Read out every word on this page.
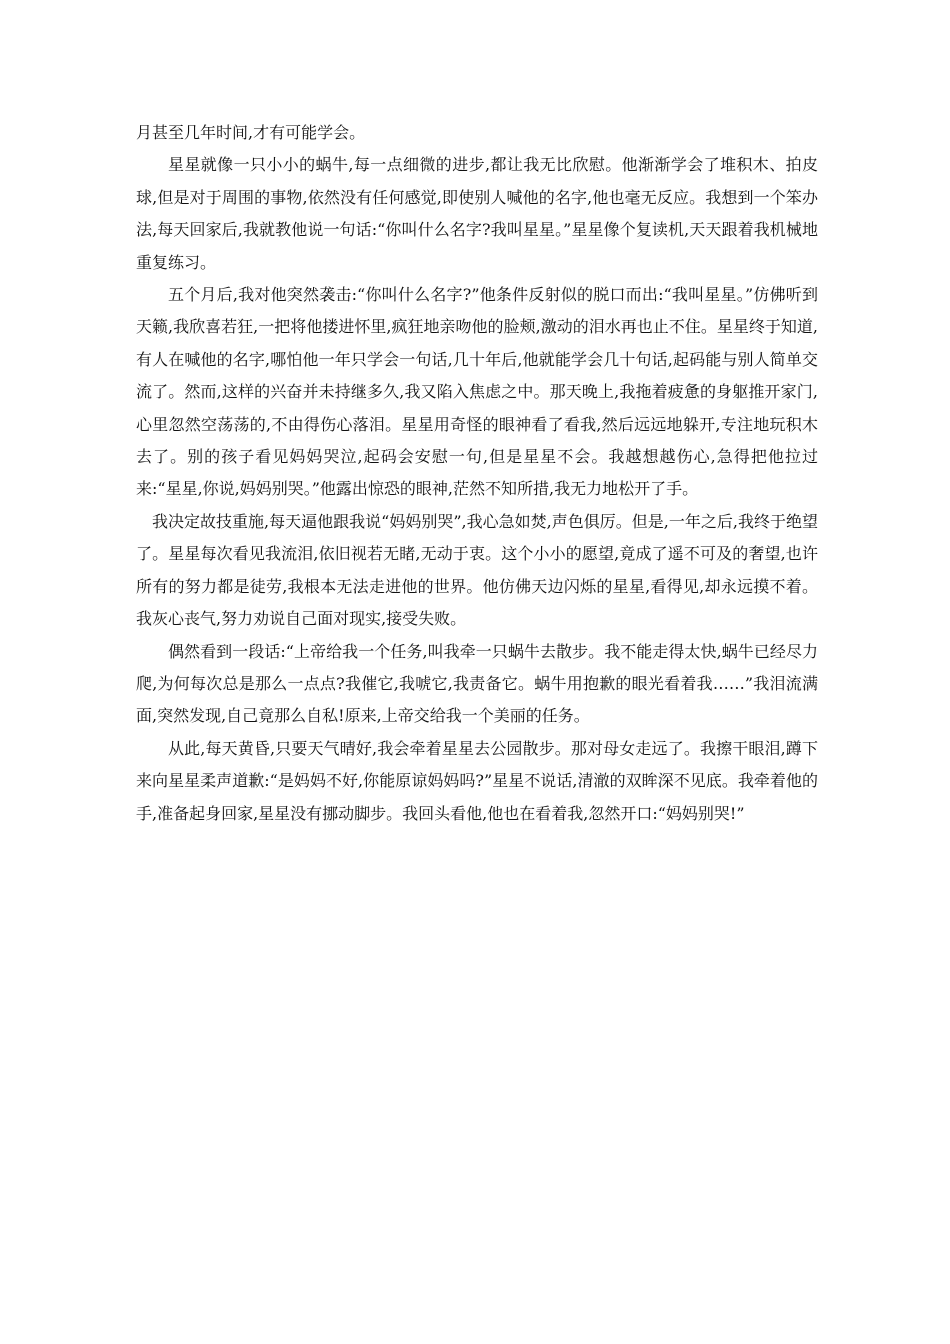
月甚至几年时间,才有可能学会。

星星就像一只小小的蜗牛,每一点细微的进步,都让我无比欣慰。他渐渐学会了堆积木、拍皮球,但是对于周围的事物,依然没有任何感觉,即使别人喊他的名字,他也毫无反应。我想到一个笨办法,每天回家后,我就教他说一句话:“你叫什么名字?我叫星星。”星星像个复读机,天天跟着我机械地重复练习。

五个月后,我对他突然袭击:“你叫什么名字?”他条件反射似的脱口而出:“我叫星星。”仿佛听到天籁,我欣喜若狂,一把将他搂进怀里,疯狂地亲吻他的脸颊,激动的泪水再也止不住。星星终于知道,有人在喊他的名字,哪怕他一年只学会一句话,几十年后,他就能学会几十句话,起码能与别人简单交流了。然而,这样的兴奋并未持继多久,我又陷入焦虑之中。那天晚上,我拖着疲惫的身躯推开家门,心里忽然空荡荡的,不由得伤心落泪。星星用奇怪的眼神看了看我,然后远远地躲开,专注地玩积木去了。别的孩子看见妈妈哭泣,起码会安慰一句,但是星星不会。我越想越伤心,急得把他拉过来:“星星,你说,妈妈别哭。”他露出惊恐的眼神,茫然不知所措,我无力地松开了手。

我决定故技重施,每天逼他跟我说“妈妈别哭”,我心急如焚,声色俱厉。但是,一年之后,我终于绝望了。星星每次看见我流泪,依旧视若无睹,无动于衷。这个小小的愿望,竟成了遥不可及的奢望,也许所有的努力都是徒劳,我根本无法走进他的世界。他仿佛天边闪烁的星星,看得见,却永远摸不着。我灰心丧气,努力劝说自己面对现实,接受失败。

偶然看到一段话:“上帝给我一个任务,叫我牵一只蜗牛去散步。我不能走得太快,蜗牛已经尽力爬,为何每次总是那么一点点?我催它,我唬它,我责备它。蜗牛用抱歉的眼光看着我……”我泪流满面,突然发现,自己竟那么自私!原来,上帝交给我一个美丽的任务。

从此,每天黄昏,只要天气晴好,我会牵着星星去公园散步。那对母女走远了。我擦干眼泪,蹲下来向星星柔声道歉:“是妈妈不好,你能原谅妈妈吗?”星星不说话,清澈的双眸深不见底。我牵着他的手,准备起身回家,星星没有挪动脚步。我回头看他,他也在看着我,忽然开口:“妈妈别哭!”
